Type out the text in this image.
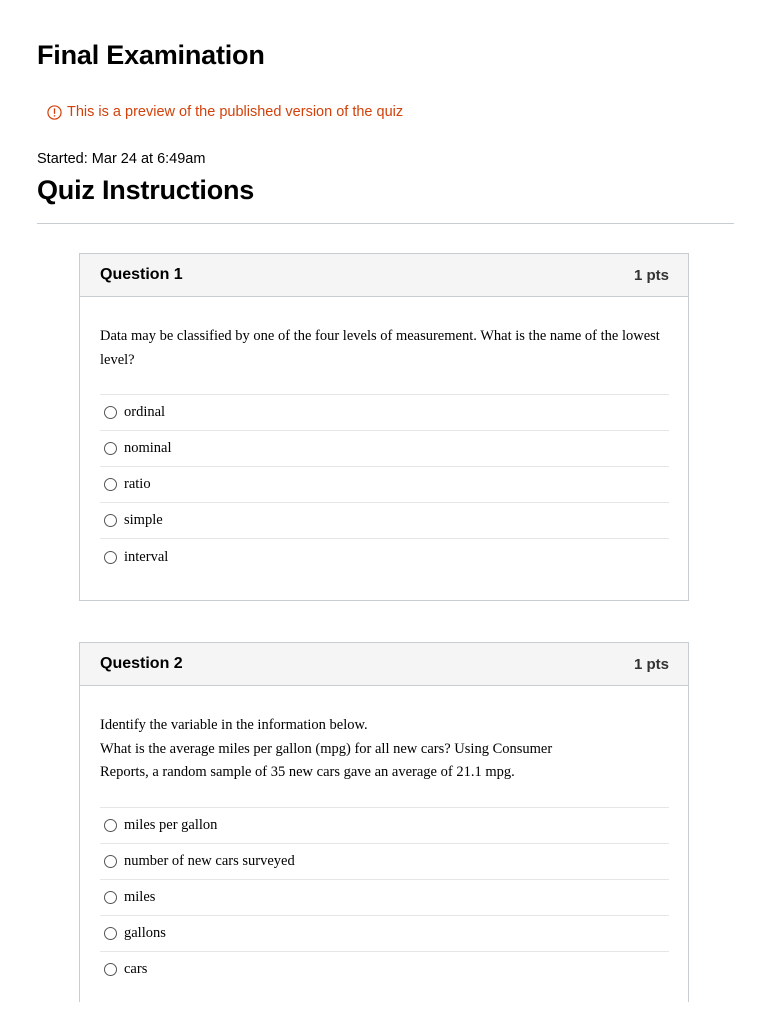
Final Examination
This is a preview of the published version of the quiz
Started: Mar 24 at 6:49am
Quiz Instructions
Question 1	1 pts

Data may be classified by one of the four levels of measurement. What is the name of the lowest level?

ordinal
nominal
ratio
simple
interval
Question 2	1 pts

Identify the variable in the information below.

What is the average miles per gallon (mpg) for all new cars? Using Consumer Reports, a random sample of 35 new cars gave an average of 21.1 mpg.

miles per gallon
number of new cars surveyed
miles
gallons
cars
